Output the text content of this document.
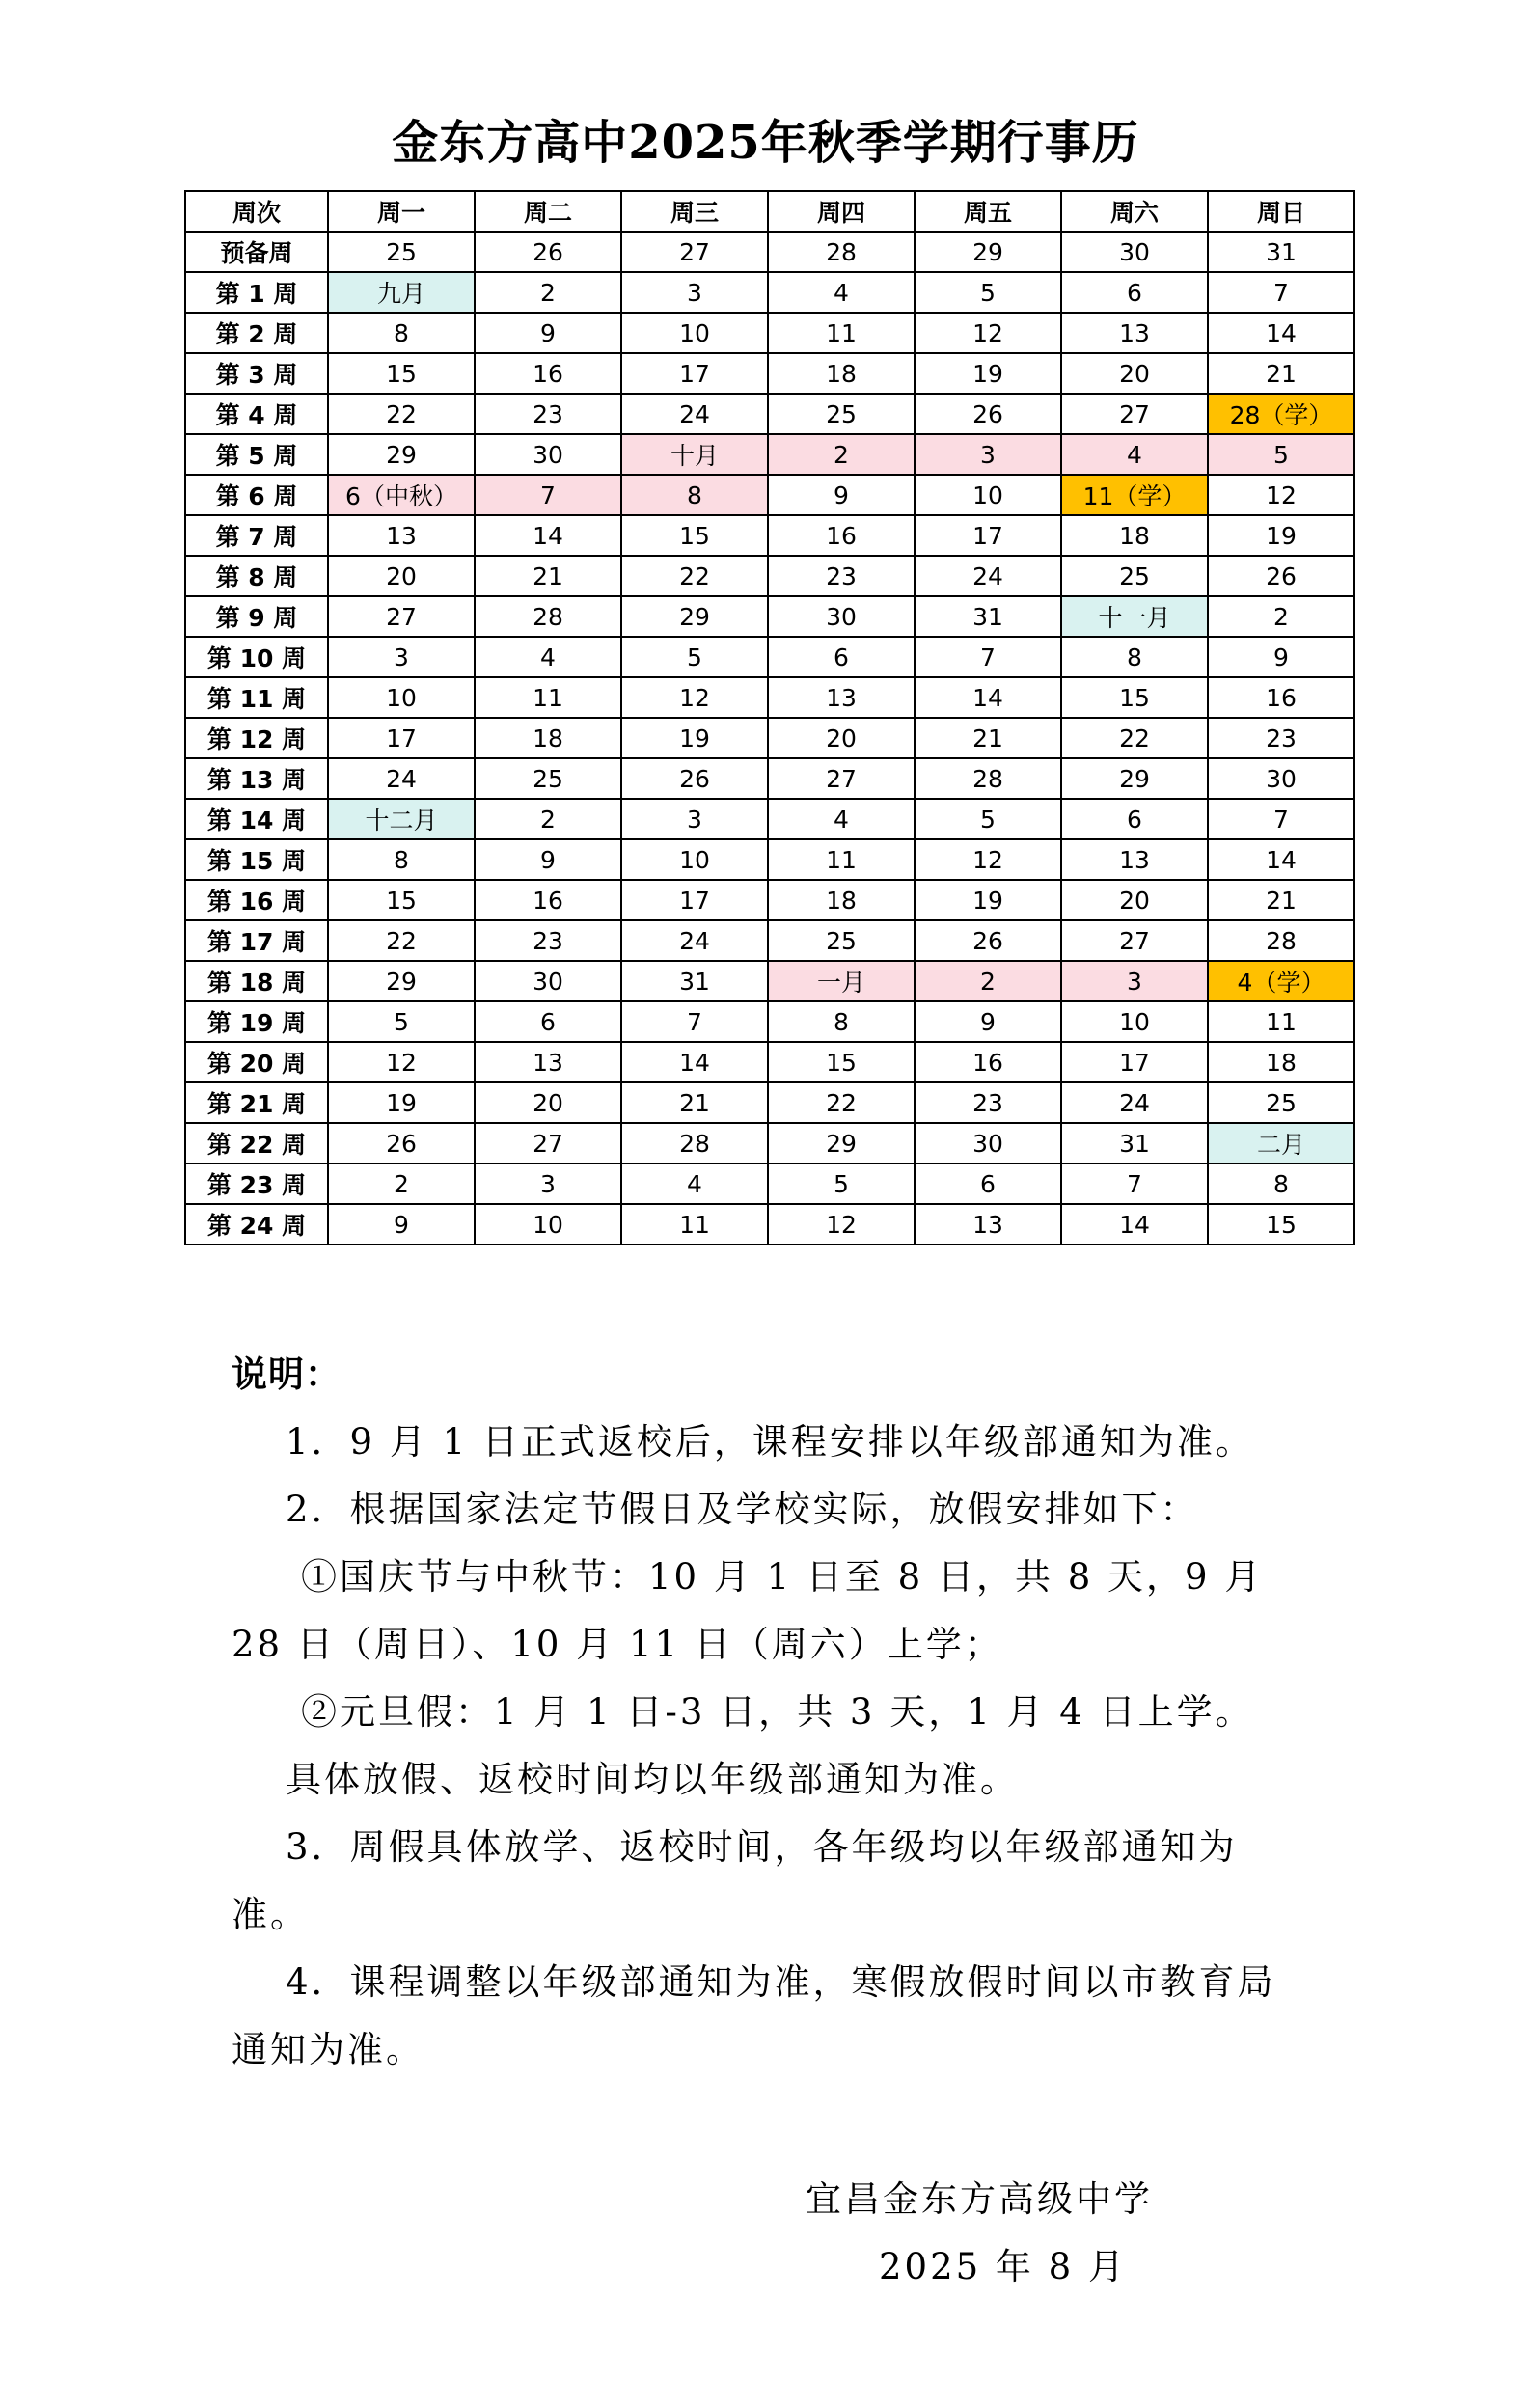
金东方高中2025年秋季学期行事历
周次	周一	周二	周三	周四	周五	周六	周日
预备周	25	26	27	28	29	30	31
第 1 周	九月	2	3	4	5	6	7
第 2 周	8	9	10	11	12	13	14
第 3 周	15	16	17	18	19	20	21
第 4 周	22	23	24	25	26	27	28（学）
第 5 周	29	30	十月	2	3	4	5
第 6 周	6（中秋）	7	8	9	10	11（学）	12
第 7 周	13	14	15	16	17	18	19
第 8 周	20	21	22	23	24	25	26
第 9 周	27	28	29	30	31	十一月	2
第 10 周	3	4	5	6	7	8	9
第 11 周	10	11	12	13	14	15	16
第 12 周	17	18	19	20	21	22	23
第 13 周	24	25	26	27	28	29	30
第 14 周	十二月	2	3	4	5	6	7
第 15 周	8	9	10	11	12	13	14
第 16 周	15	16	17	18	19	20	21
第 17 周	22	23	24	25	26	27	28
第 18 周	29	30	31	一月	2	3	4（学）
第 19 周	5	6	7	8	9	10	11
第 20 周	12	13	14	15	16	17	18
第 21 周	19	20	21	22	23	24	25
第 22 周	26	27	28	29	30	31	二月
第 23 周	2	3	4	5	6	7	8
第 24 周	9	10	11	12	13	14	15
说明：
1．9 月 1 日正式返校后，课程安排以年级部通知为准。
2．根据国家法定节假日及学校实际，放假安排如下：
①国庆节与中秋节：10 月 1 日至 8 日，共 8 天，9 月 28 日（周日）、10 月 11 日（周六）上学；
②元旦假：1 月 1 日-3 日，共 3 天，1 月 4 日上学。
具体放假、返校时间均以年级部通知为准。
3．周假具体放学、返校时间，各年级均以年级部通知为准。
4．课程调整以年级部通知为准，寒假放假时间以市教育局通知为准。
宜昌金东方高级中学
2025 年 8 月
